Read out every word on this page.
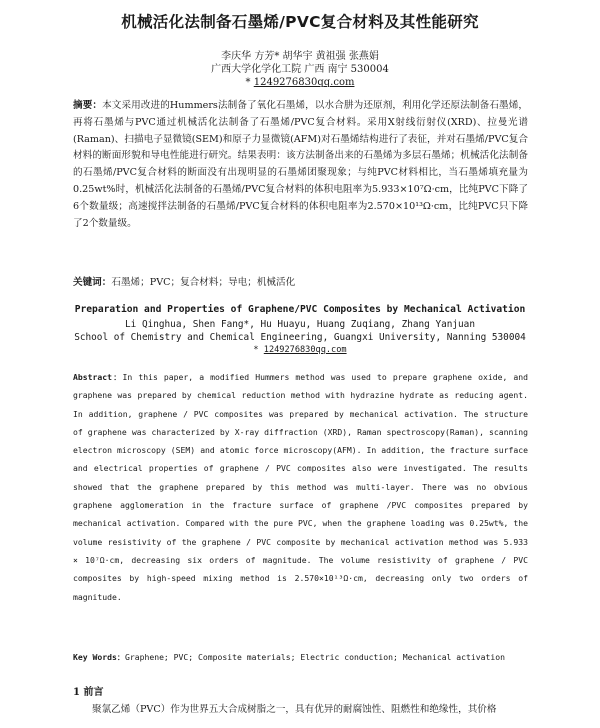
机械活化法制备石墨烯/PVC复合材料及其性能研究
李庆华 方芳* 胡华宇 黄祖强 张燕娟
广西大学化学化工院 广西 南宁 530004
* 1249276830qq.com
摘要：本文采用改进的Hummers法制备了氧化石墨烯，以水合肼为还原剂，利用化学还原法制备石墨烯，再将石墨烯与PVC通过机械活化法制备了石墨烯/PVC复合材料。采用X射线衍射仪(XRD)、拉曼光谱(Raman)、扫描电子显微镜(SEM)和原子力显微镜(AFM)对石墨烯结构进行了表征，并对石墨烯/PVC复合材料的断面形貌和导电性能进行研究。结果表明：该方法制备出来的石墨烯为多层石墨烯；机械活化法制备的石墨烯/PVC复合材料的断面没有出现明显的石墨烯团聚现象；与纯PVC材料相比，当石墨烯填充量为0.25wt%时，机械活化法制备的石墨烯/PVC复合材料的体积电阻率为5.933×10⁷Ω·cm，比纯PVC下降了6个数量级；高速搅拌法制备的石墨烯/PVC复合材料的体积电阻率为2.570×10¹³Ω·cm，比纯PVC只下降了2个数量级。
关键词：石墨烯；PVC；复合材料；导电；机械活化
Preparation and Properties of Graphene/PVC Composites by Mechanical Activation
Li Qinghua, Shen Fang*, Hu Huayu, Huang Zuqiang, Zhang Yanjuan
School of Chemistry and Chemical Engineering, Guangxi University, Nanning 530004
* 1249276830qq.com
Abstract：In this paper, a modified Hummers method was used to prepare graphene oxide, and graphene was prepared by chemical reduction method with hydrazine hydrate as reducing agent. In addition, graphene / PVC composites was prepared by mechanical activation. The structure of graphene was characterized by X-ray diffraction (XRD), Raman spectroscopy(Raman), scanning electron microscopy (SEM) and atomic force microscopy(AFM). In addition, the fracture surface and electrical properties of graphene / PVC composites also were investigated. The results showed that the graphene prepared by this method was multi-layer. There was no obvious graphene agglomeration in the fracture surface of graphene /PVC composites prepared by mechanical activation. Compared with the pure PVC, when the graphene loading was 0.25wt%, the volume resistivity of the graphene / PVC composite by mechanical activation method was 5.933 × 10⁷Ω·cm, decreasing six orders of magnitude. The volume resistivity of graphene / PVC composites by high-speed mixing method is 2.570×10¹³Ω·cm, decreasing only two orders of magnitude.
Key Words：Graphene; PVC; Composite materials; Electric conduction; Mechanical activation
1 前言
聚氯乙烯（PVC）作为世界五大合成树脂之一，具有优异的耐腐蚀性、阻燃性和绝缘性，其价格
